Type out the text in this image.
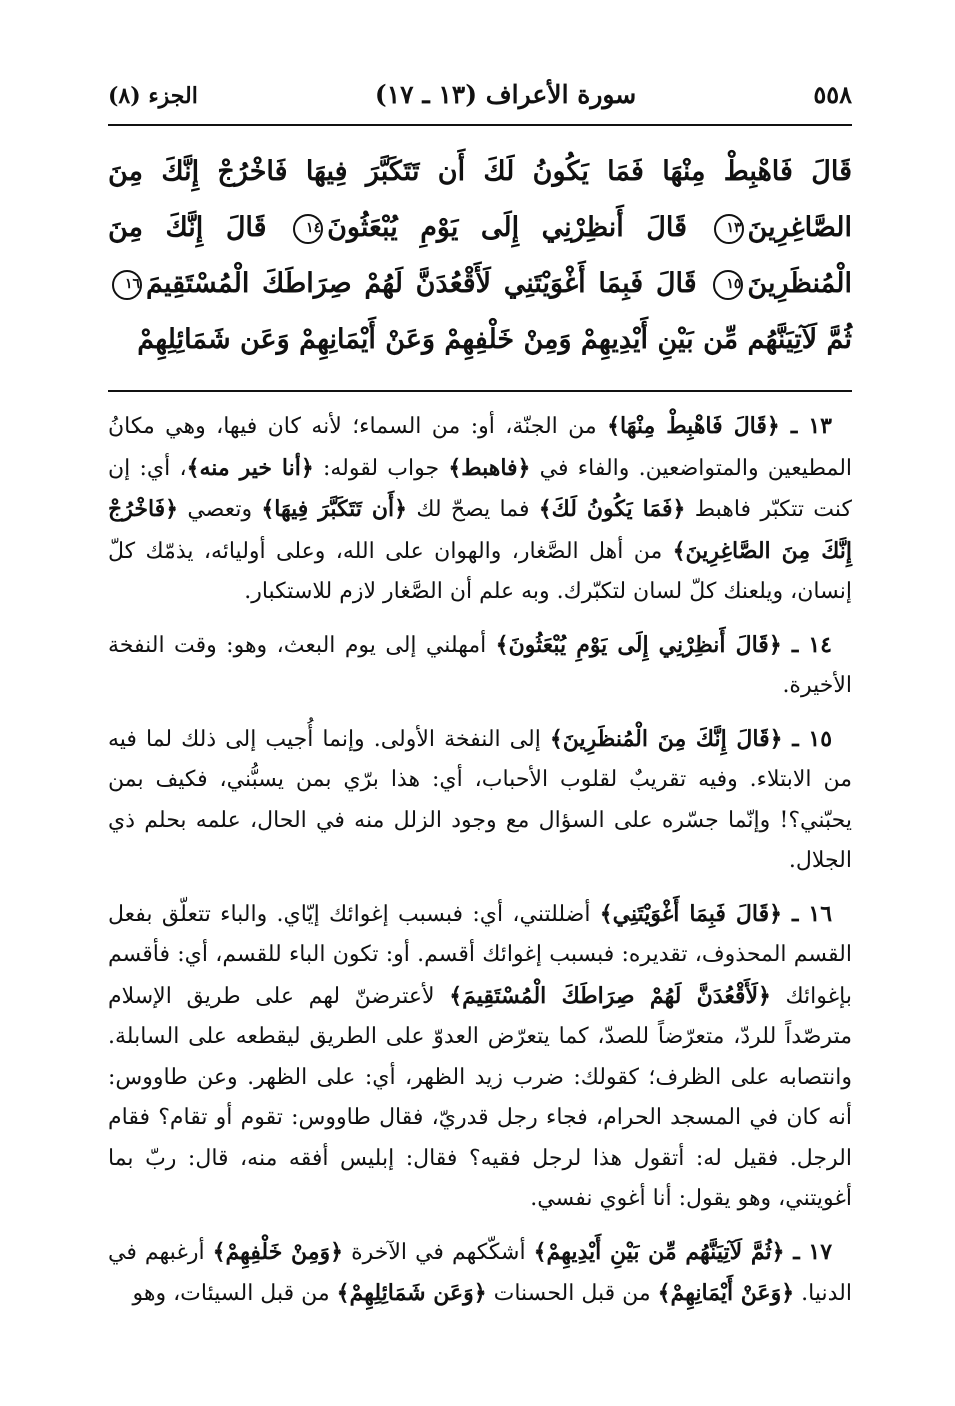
٥٥٨
سورة الأعراف (١٣ ـ ١٧)
الجزء (٨)
قَالَ فَاهْبِطْ مِنْهَا فَمَا يَكُونُ لَكَ أَن تَتَكَبَّرَ فِيهَا فَاخْرُجْ إِنَّكَ مِنَ الصَّاغِرِينَ١٣ قَالَ أَنظِرْنِي إِلَى يَوْمِ يُبْعَثُونَ١٤ قَالَ إِنَّكَ مِنَ الْمُنظَرِينَ١٥ قَالَ فَبِمَا أَغْوَيْتَنِي لَأَقْعُدَنَّ لَهُمْ صِرَاطَكَ الْمُسْتَقِيمَ١٦ ثُمَّ لَآتِيَنَّهُم مِّن بَيْنِ أَيْدِيهِمْ وَمِنْ خَلْفِهِمْ وَعَنْ أَيْمَانِهِمْ وَعَن شَمَائِلِهِمْ

١٣ ـ ﴿قَالَ فَاهْبِطْ مِنْهَا﴾ من الجنّة، أو: من السماء؛ لأنه كان فيها، وهي مكانُ المطيعين والمتواضعين. والفاء في ﴿فاهبط﴾ جواب لقوله: ﴿أنا خير منه﴾، أي: إن كنت تتكبّر فاهبط ﴿فَمَا يَكُونُ لَكَ﴾ فما يصحّ لك ﴿أَن تَتَكَبَّرَ فِيهَا﴾ وتعصي ﴿فَاخْرُجْ إِنَّكَ مِنَ الصَّاغِرِينَ﴾ من أهل الصَّغار، والهوان على الله، وعلى أوليائه، يذمّك كلّ إنسان، ويلعنك كلّ لسان لتكبّرك. وبه علم أن الصَّغار لازم للاستكبار.

١٤ ـ ﴿قَالَ أَنظِرْنِي إِلَى يَوْمِ يُبْعَثُونَ﴾ أمهلني إلى يوم البعث، وهو: وقت النفخة الأخيرة.

١٥ ـ ﴿قَالَ إِنَّكَ مِنَ الْمُنظَرِينَ﴾ إلى النفخة الأولى. وإنما أُجيب إلى ذلك لما فيه من الابتلاء. وفيه تقريبٌ لقلوب الأحباب، أي: هذا برّي بمن يسبُّني، فكيف بمن يحبّني؟! وإنّما جسّره على السؤال مع وجود الزلل منه في الحال، علمه بحلم ذي الجلال.

١٦ ـ ﴿قَالَ فَبِمَا أَغْوَيْتَنِي﴾ أضللتني، أي: فبسبب إغوائك إيّاي. والباء تتعلّق بفعل القسم المحذوف، تقديره: فبسبب إغوائك أقسم. أو: تكون الباء للقسم، أي: فأقسم بإغوائك ﴿لَأَقْعُدَنَّ لَهُمْ صِرَاطَكَ الْمُسْتَقِيمَ﴾ لأعترضنّ لهم على طريق الإسلام مترصّداً للردّ، متعرّضاً للصدّ، كما يتعرّض العدوّ على الطريق ليقطعه على السابلة. وانتصابه على الظرف؛ كقولك: ضرب زيد الظهر، أي: على الظهر. وعن طاووس: أنه كان في المسجد الحرام، فجاء رجل قدريّ، فقال طاووس: تقوم أو تقام؟ فقام الرجل. فقيل له: أتقول هذا لرجل فقيه؟ فقال: إبليس أفقه منه، قال: ربّ بما أغويتني، وهو يقول: أنا أغوي نفسي.

١٧ ـ ﴿ثُمَّ لَآتِيَنَّهُم مِّن بَيْنِ أَيْدِيهِمْ﴾ أشكّكهم في الآخرة ﴿وَمِنْ خَلْفِهِمْ﴾ أرغبهم في الدنيا. ﴿وَعَنْ أَيْمَانِهِمْ﴾ من قبل الحسنات ﴿وَعَن شَمَائِلِهِمْ﴾ من قبل السيئات، وهو
